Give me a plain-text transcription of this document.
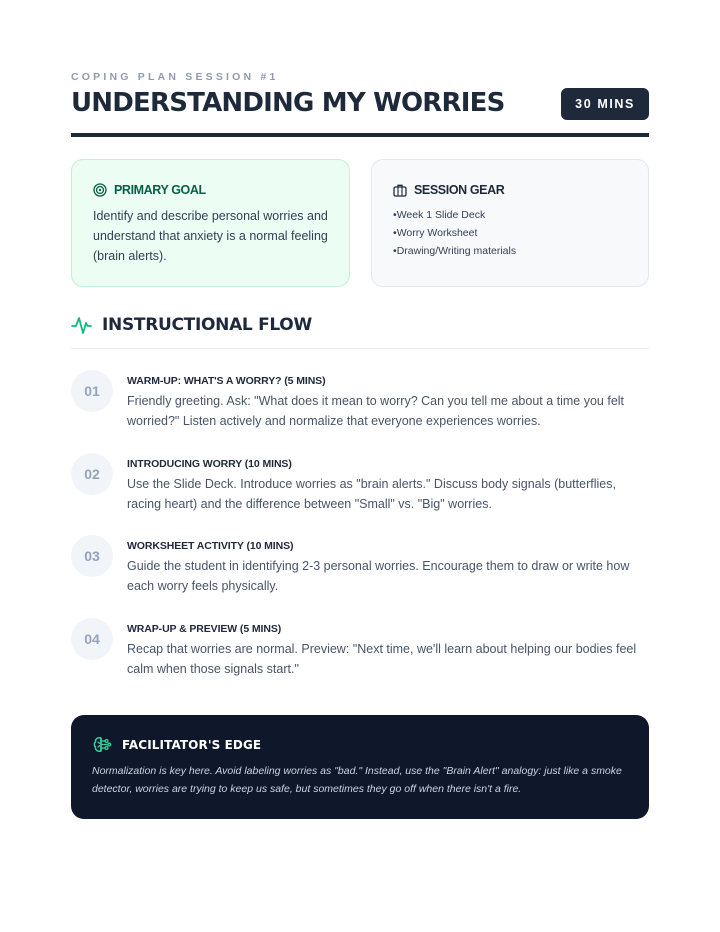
COPING PLAN SESSION #1
UNDERSTANDING MY WORRIES	30 MINS
PRIMARY GOAL
Identify and describe personal worries and understand that anxiety is a normal feeling (brain alerts).
SESSION GEAR
• Week 1 Slide Deck
• Worry Worksheet
• Drawing/Writing materials
INSTRUCTIONAL FLOW
01
WARM-UP: WHAT'S A WORRY? (5 MINS)
Friendly greeting. Ask: "What does it mean to worry? Can you tell me about a time you felt worried?" Listen actively and normalize that everyone experiences worries.
02
INTRODUCING WORRY (10 MINS)
Use the Slide Deck. Introduce worries as "brain alerts." Discuss body signals (butterflies, racing heart) and the difference between "Small" vs. "Big" worries.
03
WORKSHEET ACTIVITY (10 MINS)
Guide the student in identifying 2-3 personal worries. Encourage them to draw or write how each worry feels physically.
04
WRAP-UP & PREVIEW (5 MINS)
Recap that worries are normal. Preview: "Next time, we'll learn about helping our bodies feel calm when those signals start."
FACILITATOR'S EDGE
Normalization is key here. Avoid labeling worries as "bad." Instead, use the "Brain Alert" analogy: just like a smoke detector, worries are trying to keep us safe, but sometimes they go off when there isn't a fire.
